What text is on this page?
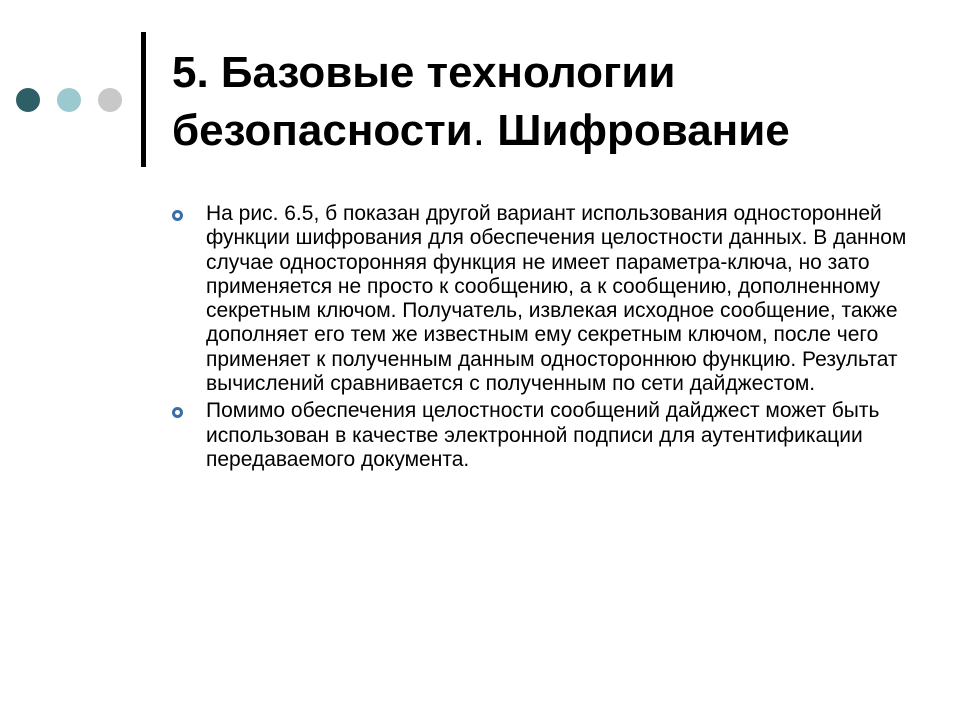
5. Базовые технологии
безопасности. Шифрование
На рис. 6.5, б показан другой вариант использования односторонней функции шифрования для обеспечения целостности данных. В данном случае односторонняя функция не имеет параметра-ключа, но зато применяется не просто к сообщению, а к сообщению, дополненному секретным ключом. Получатель, извлекая исходное сообщение, также дополняет его тем же известным ему секретным ключом, после чего применяет к полученным данным одностороннюю функцию. Результат вычислений сравнивается с полученным по сети дайджестом.
Помимо обеспечения целостности сообщений дайджест может быть использован в качестве электронной подписи для аутентификации передаваемого документа.
